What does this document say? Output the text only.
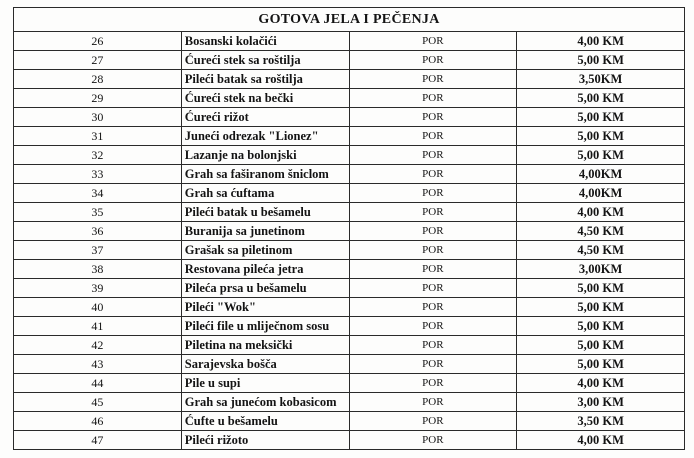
GOTOVA JELA I PEČENJA			
26	Bosanski kolačići	POR	4,00 KM
27	Ćureći stek sa roštilja	POR	5,00 KM
28	Pileći batak sa roštilja	POR	3,50KM
29	Ćureći stek na bečki	POR	5,00 KM
30	Ćureći rižot	POR	5,00 KM
31	Juneći odrezak "Lionez"	POR	5,00 KM
32	Lazanje na bolonjski	POR	5,00 KM
33	Grah sa faširanom šniclom	POR	4,00KM
34	Grah sa ćuftama	POR	4,00KM
35	Pileći batak u bešamelu	POR	4,00 KM
36	Buranija sa junetinom	POR	4,50 KM
37	Grašak sa piletinom	POR	4,50 KM
38	Restovana pileća jetra	POR	3,00KM
39	Pileća prsa u bešamelu	POR	5,00 KM
40	Pileći "Wok"	POR	5,00 KM
41	Pileći file u mliječnom sosu	POR	5,00 KM
42	Piletina na meksički	POR	5,00 KM
43	Sarajevska bošča	POR	5,00 KM
44	Pile u supi	POR	4,00 KM
45	Grah sa junećom kobasicom	POR	3,00 KM
46	Ćufte u bešamelu	POR	3,50 KM
47	Pileći rižoto	POR	4,00 KM
